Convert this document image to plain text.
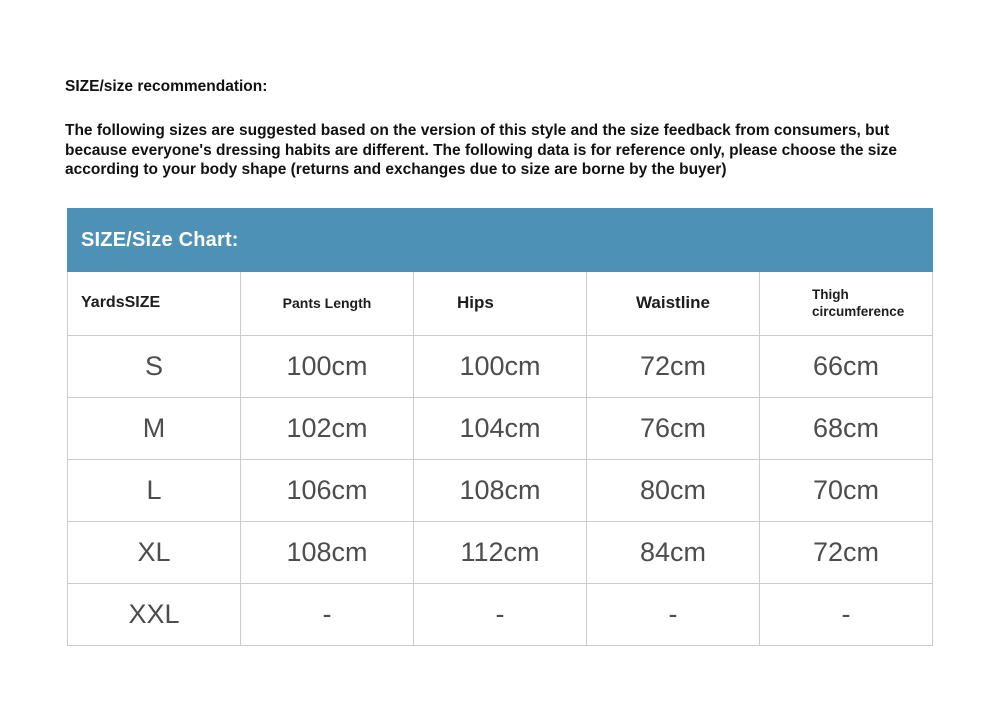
SIZE/size recommendation:
The following sizes are suggested based on the version of this style and the size feedback from consumers, but because everyone's dressing habits are different. The following data is for reference only, please choose the size according to your body shape (returns and exchanges due to size are borne by the buyer)
SIZE/Size Chart:
YardsSIZE	Pants Length	Hips	Waistline	Thigh circumference
S	100cm	100cm	72cm	66cm
M	102cm	104cm	76cm	68cm
L	106cm	108cm	80cm	70cm
XL	108cm	112cm	84cm	72cm
XXL	-	-	-	-
